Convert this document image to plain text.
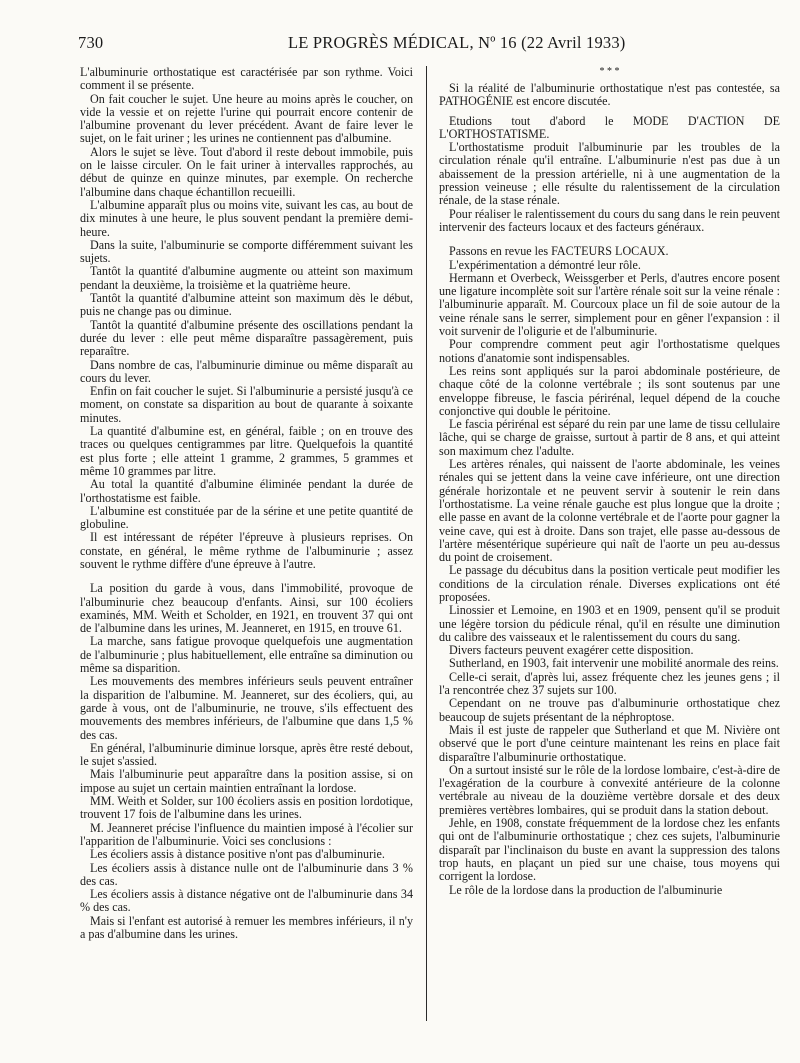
730	LE PROGRÈS MÉDICAL, Nº 16 (22 Avril 1933)

L'albuminurie orthostatique est caractérisée par son rythme. Voici comment il se présente.

On fait coucher le sujet. Une heure au moins après le coucher, on vide la vessie et on rejette l'urine qui pourrait encore contenir de l'albumine provenant du lever précédent. Avant de faire lever le sujet, on le fait uriner ; les urines ne contiennent pas d'albumine.

Alors le sujet se lève. Tout d'abord il reste debout immobile, puis on le laisse circuler. On le fait uriner à intervalles rapprochés, au début de quinze en quinze minutes, par exemple. On recherche l'albumine dans chaque échantillon recueilli.

L'albumine apparaît plus ou moins vite, suivant les cas, au bout de dix minutes à une heure, le plus souvent pendant la première demi-heure.

Dans la suite, l'albuminurie se comporte différemment suivant les sujets.

Tantôt la quantité d'albumine augmente ou atteint son maximum pendant la deuxième, la troisième et la quatrième heure.

Tantôt la quantité d'albumine atteint son maximum dès le début, puis ne change pas ou diminue.

Tantôt la quantité d'albumine présente des oscillations pendant la durée du lever : elle peut même disparaître passagèrement, puis reparaître.

Dans nombre de cas, l'albuminurie diminue ou même disparaît au cours du lever.

Enfin on fait coucher le sujet. Si l'albuminurie a persisté jusqu'à ce moment, on constate sa disparition au bout de quarante à soixante minutes.

La quantité d'albumine est, en général, faible ; on en trouve des traces ou quelques centigrammes par litre. Quelquefois la quantité est plus forte ; elle atteint 1 gramme, 2 grammes, 5 grammes et même 10 grammes par litre.

Au total la quantité d'albumine éliminée pendant la durée de l'orthostatisme est faible.

L'albumine est constituée par de la sérine et une petite quantité de globuline.

Il est intéressant de répéter l'épreuve à plusieurs reprises. On constate, en général, le même rythme de l'albuminurie ; assez souvent le rythme diffère d'une épreuve à l'autre.

La position du garde à vous, dans l'immobilité, provoque de l'albuminurie chez beaucoup d'enfants. Ainsi, sur 100 écoliers examinés, MM. Weith et Scholder, en 1921, en trouvent 37 qui ont de l'albumine dans les urines, M. Jeanneret, en 1915, en trouve 61.

La marche, sans fatigue provoque quelquefois une augmentation de l'albuminurie ; plus habituellement, elle entraîne sa diminution ou même sa disparition.

Les mouvements des membres inférieurs seuls peuvent entraîner la disparition de l'albumine. M. Jeanneret, sur des écoliers, qui, au garde à vous, ont de l'albuminurie, ne trouve, s'ils effectuent des mouvements des membres inférieurs, de l'albumine que dans 1,5 % des cas.

En général, l'albuminurie diminue lorsque, après être resté debout, le sujet s'assied.

Mais l'albuminurie peut apparaître dans la position assise, si on impose au sujet un certain maintien entraînant la lordose.

MM. Weith et Solder, sur 100 écoliers assis en position lordotique, trouvent 17 fois de l'albumine dans les urines.

M. Jeanneret précise l'influence du maintien imposé à l'écolier sur l'apparition de l'albuminurie. Voici ses conclusions :

Les écoliers assis à distance positive n'ont pas d'albuminurie.

Les écoliers assis à distance nulle ont de l'albuminurie dans 3 % des cas.

Les écoliers assis à distance négative ont de l'albuminurie dans 34 % des cas.

Mais si l'enfant est autorisé à remuer les membres inférieurs, il n'y a pas d'albumine dans les urines.

* * *

Si la réalité de l'albuminurie orthostatique n'est pas contestée, sa PATHOGÉNIE est encore discutée.

Etudions tout d'abord le MODE D'ACTION DE L'ORTHOSTATISME.

L'orthostatisme produit l'albuminurie par les troubles de la circulation rénale qu'il entraîne. L'albuminurie n'est pas due à un abaissement de la pression artérielle, ni à une augmentation de la pression veineuse ; elle résulte du ralentissement de la circulation rénale, de la stase rénale.

Pour réaliser le ralentissement du cours du sang dans le rein peuvent intervenir des facteurs locaux et des facteurs généraux.

Passons en revue les FACTEURS LOCAUX.

L'expérimentation a démontré leur rôle.

Hermann et Overbeck, Weissgerber et Perls, d'autres encore posent une ligature incomplète soit sur l'artère rénale soit sur la veine rénale : l'albuminurie apparaît. M. Courcoux place un fil de soie autour de la veine rénale sans le serrer, simplement pour en gêner l'expansion : il voit survenir de l'oligurie et de l'albuminurie.

Pour comprendre comment peut agir l'orthostatisme quelques notions d'anatomie sont indispensables.

Les reins sont appliqués sur la paroi abdominale postérieure, de chaque côté de la colonne vertébrale ; ils sont soutenus par une enveloppe fibreuse, le fascia périrénal, lequel dépend de la couche conjonctive qui double le péritoine.

Le fascia périrénal est séparé du rein par une lame de tissu cellulaire lâche, qui se charge de graisse, surtout à partir de 8 ans, et qui atteint son maximum chez l'adulte.

Les artères rénales, qui naissent de l'aorte abdominale, les veines rénales qui se jettent dans la veine cave inférieure, ont une direction générale horizontale et ne peuvent servir à soutenir le rein dans l'orthostatisme. La veine rénale gauche est plus longue que la droite ; elle passe en avant de la colonne vertébrale et de l'aorte pour gagner la veine cave, qui est à droite. Dans son trajet, elle passe au-dessous de l'artère mésentérique supérieure qui naît de l'aorte un peu au-dessus du point de croisement.

Le passage du décubitus dans la position verticale peut modifier les conditions de la circulation rénale. Diverses explications ont été proposées.

Linossier et Lemoine, en 1903 et en 1909, pensent qu'il se produit une légère torsion du pédicule rénal, qu'il en résulte une diminution du calibre des vaisseaux et le ralentissement du cours du sang.

Divers facteurs peuvent exagérer cette disposition.

Sutherland, en 1903, fait intervenir une mobilité anormale des reins.

Celle-ci serait, d'après lui, assez fréquente chez les jeunes gens ; il l'a rencontrée chez 37 sujets sur 100.

Cependant on ne trouve pas d'albuminurie orthostatique chez beaucoup de sujets présentant de la néphroptose.

Mais il est juste de rappeler que Sutherland et que M. Nivière ont observé que le port d'une ceinture maintenant les reins en place fait disparaître l'albuminurie orthostatique.

On a surtout insisté sur le rôle de la lordose lombaire, c'est-à-dire de l'exagération de la courbure à convexité antérieure de la colonne vertébrale au niveau de la douzième vertèbre dorsale et des deux premières vertèbres lombaires, qui se produit dans la station debout.

Jehle, en 1908, constate fréquemment de la lordose chez les enfants qui ont de l'albuminurie orthostatique ; chez ces sujets, l'albuminurie disparaît par l'inclinaison du buste en avant la suppression des talons trop hauts, en plaçant un pied sur une chaise, tous moyens qui corrigent la lordose.

Le rôle de la lordose dans la production de l'albuminurie
